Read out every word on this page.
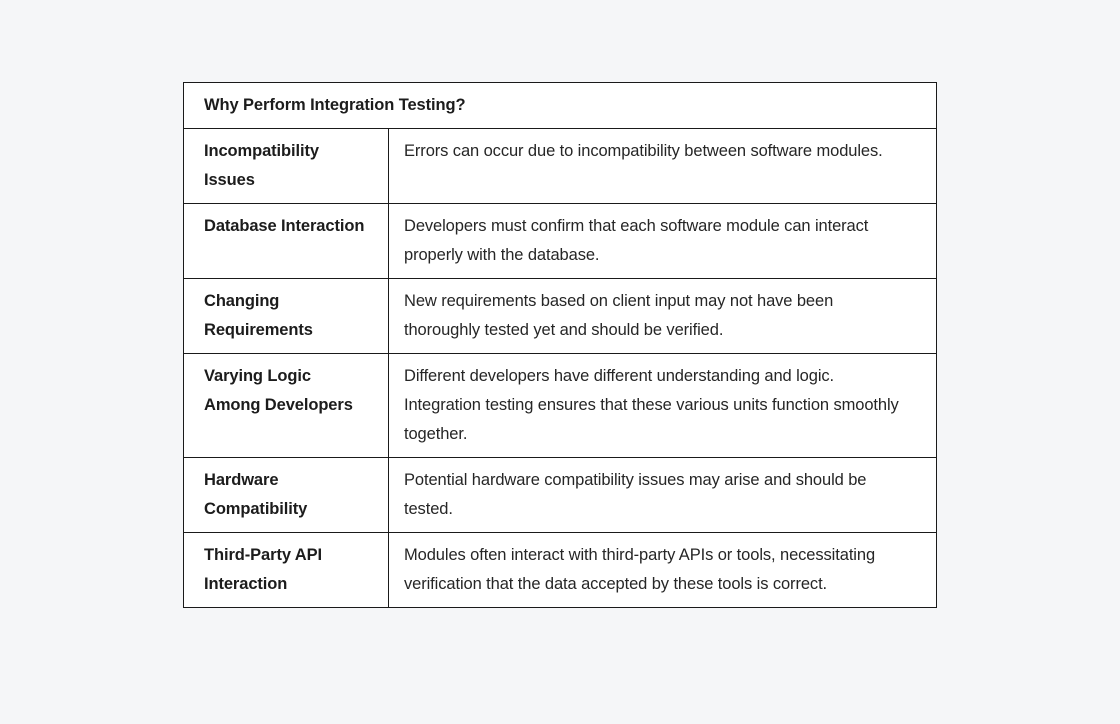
Why Perform Integration Testing?	
Incompatibility Issues	Errors can occur due to incompatibility between software modules.
Database Interaction	Developers must confirm that each software module can interact properly with the database.
Changing Requirements	New requirements based on client input may not have been thoroughly tested yet and should be verified.
Varying Logic Among Developers	Different developers have different understanding and logic. Integration testing ensures that these various units function smoothly together.
Hardware Compatibility	Potential hardware compatibility issues may arise and should be tested.
Third-Party API Interaction	Modules often interact with third-party APIs or tools, necessitating verification that the data accepted by these tools is correct.
